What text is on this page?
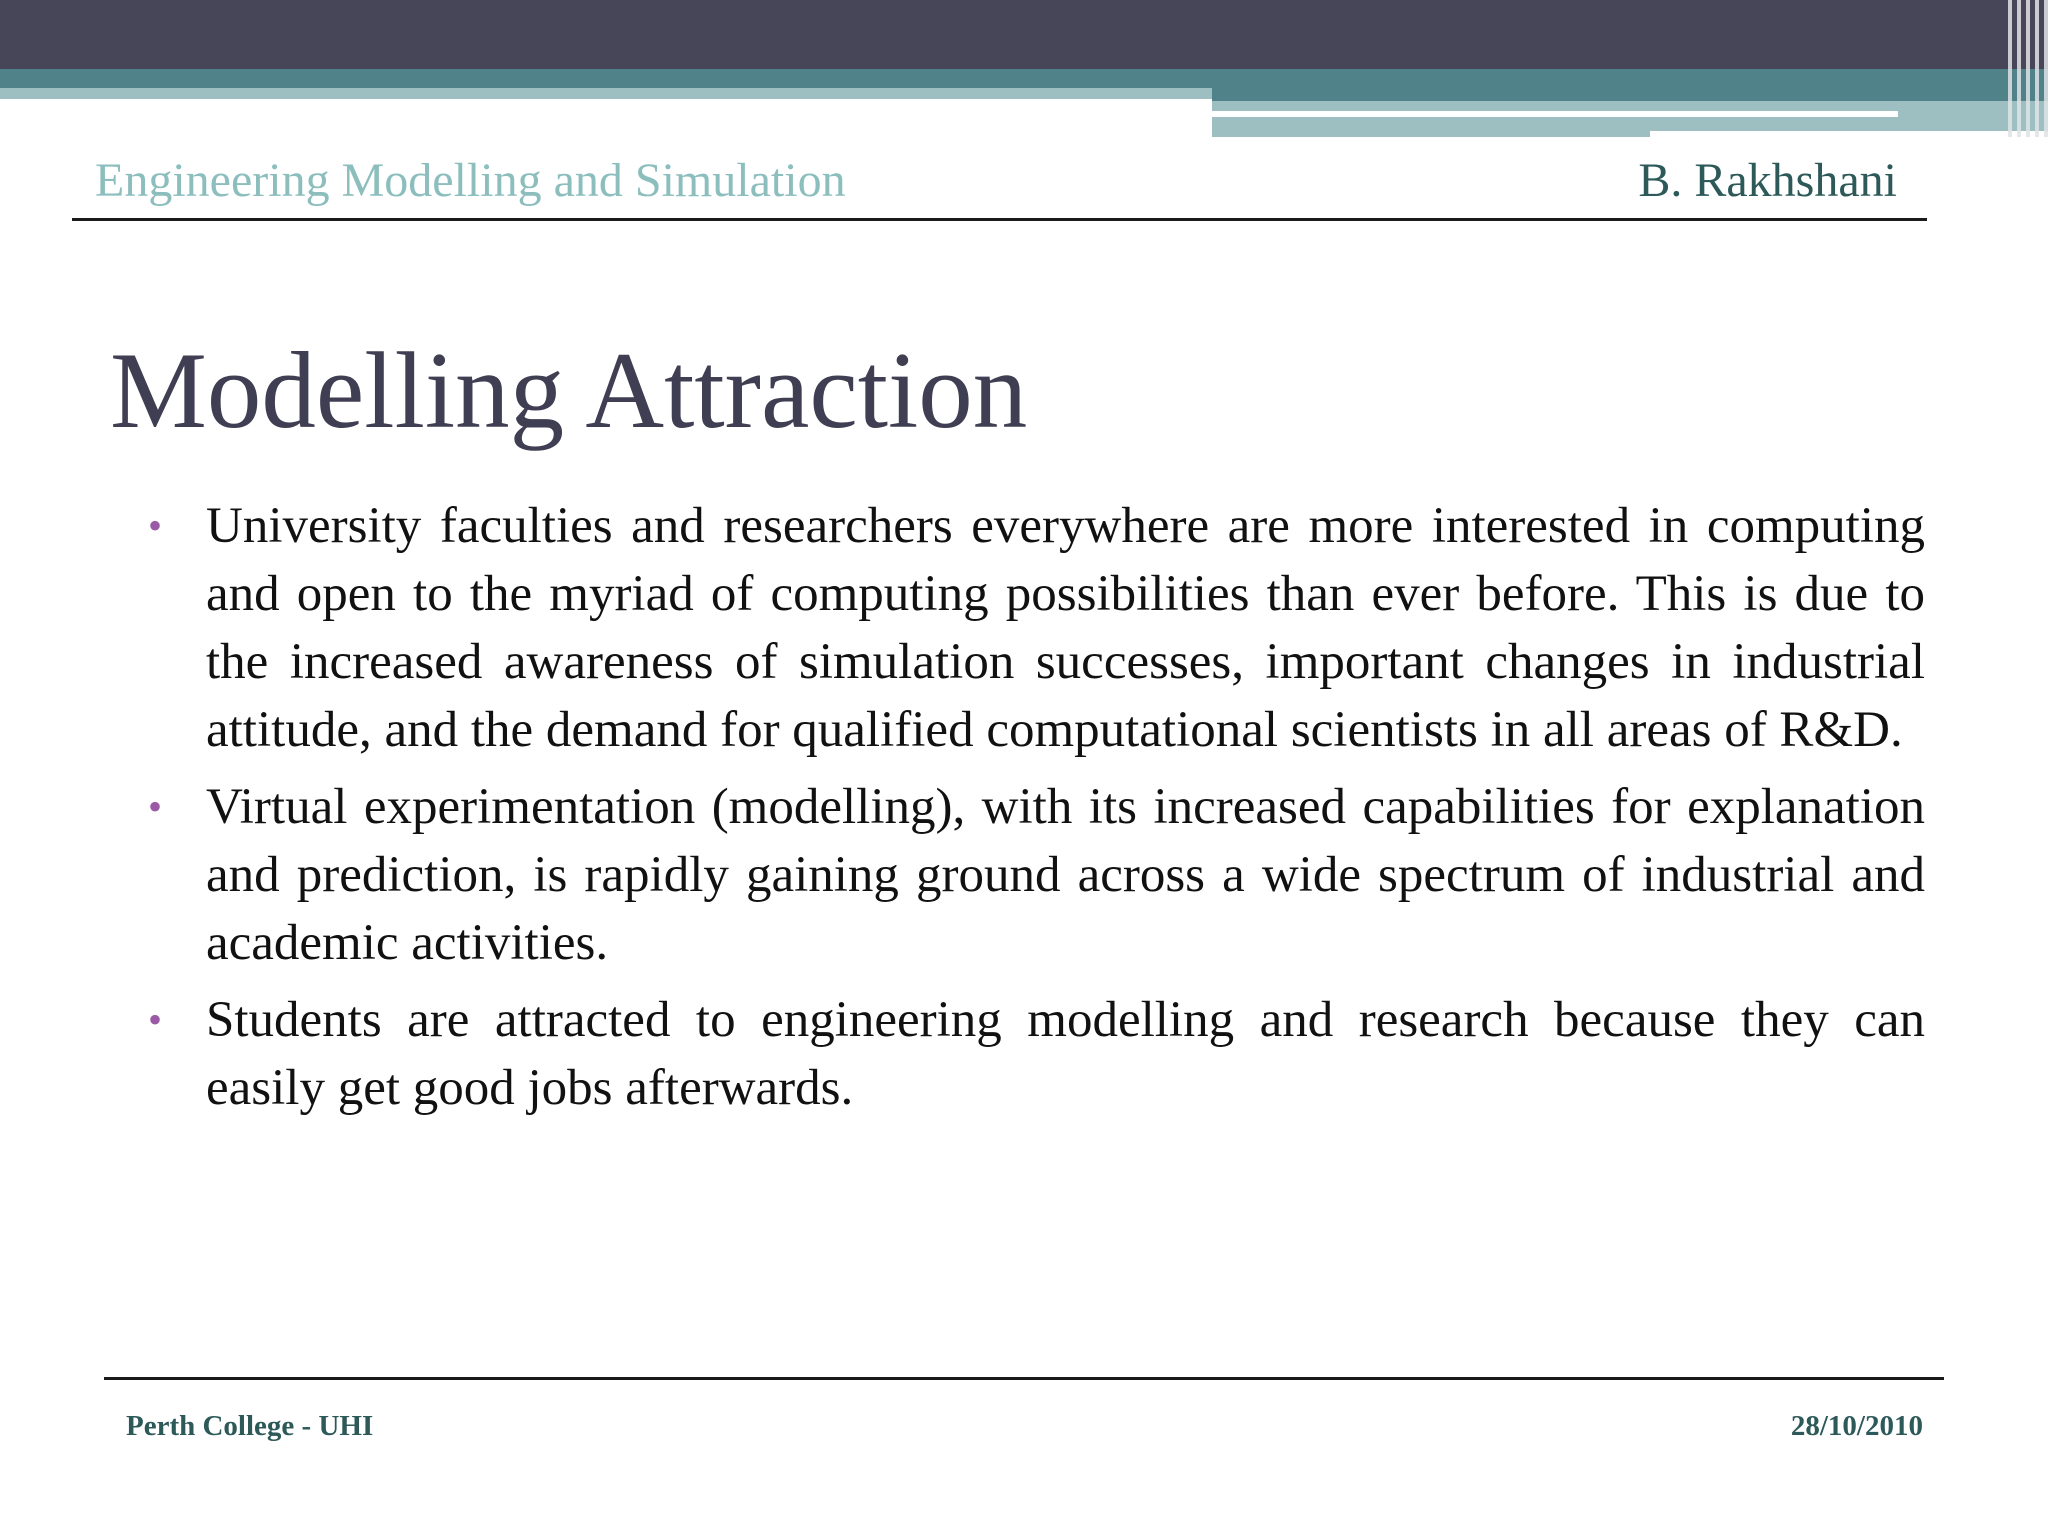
Engineering Modelling and Simulation	B. Rakhshani
Modelling Attraction
• University faculties and researchers everywhere are more interested in computing and open to the myriad of computing possibilities than ever before. This is due to the increased awareness of simulation successes, important changes in industrial attitude, and the demand for qualified computational scientists in all areas of R&D.
• Virtual experimentation (modelling), with its increased capabilities for explanation and prediction, is rapidly gaining ground across a wide spectrum of industrial and academic activities.
• Students are attracted to engineering modelling and research because they can easily get good jobs afterwards.
Perth College - UHI	28/10/2010
